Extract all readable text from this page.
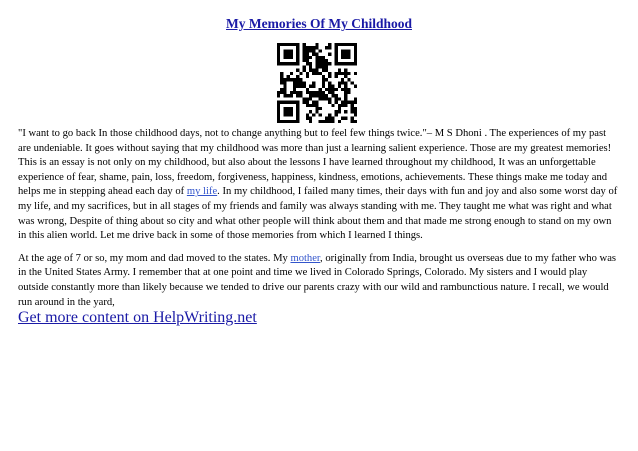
My Memories Of My Childhood

"I want to go back In those childhood days, not to change anything but to feel few things twice."– M S Dhoni . The experiences of my past are undeniable. It goes without saying that my childhood was more than just a learning salient experience. Those are my greatest memories! This is an essay is not only on my childhood, but also about the lessons I have learned throughout my childhood, It was an unforgettable experience of fear, shame, pain, loss, freedom, forgiveness, happiness, kindness, emotions, achievements. These things make me today and helps me in stepping ahead each day of my life. In my childhood, I failed many times, their days with fun and joy and also some worst day of my life, and my sacrifices, but in all stages of my friends and family was always standing with me. They taught me what was right and what was wrong, Despite of thing about so city and what other people will think about them and that made me strong enough to stand on my own in this alien world. Let me drive back in some of those memories from which I learned I things.

At the age of 7 or so, my mom and dad moved to the states. My mother, originally from India, brought us overseas due to my father who was in the United States Army. I remember that at one point and time we lived in Colorado Springs, Colorado. My sisters and I would play outside constantly more than likely because we tended to drive our parents crazy with our wild and rambunctious nature. I recall, we would run around in the yard,

Get more content on HelpWriting.net
